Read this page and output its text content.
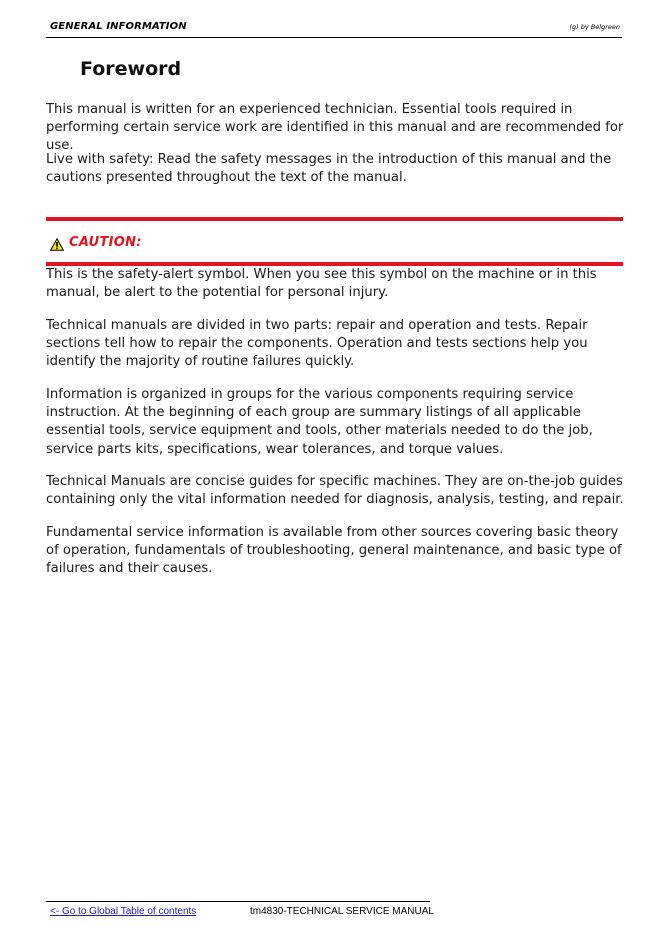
GENERAL INFORMATION	(g) by Belgreen
Foreword

This manual is written for an experienced technician. Essential tools required in performing certain service work are identified in this manual and are recommended for use.

Live with safety: Read the safety messages in the introduction of this manual and the cautions presented throughout the text of the manual.

CAUTION:

This is the safety-alert symbol. When you see this symbol on the machine or in this manual, be alert to the potential for personal injury.

Technical manuals are divided in two parts: repair and operation and tests. Repair sections tell how to repair the components. Operation and tests sections help you identify the majority of routine failures quickly.

Information is organized in groups for the various components requiring service instruction. At the beginning of each group are summary listings of all applicable essential tools, service equipment and tools, other materials needed to do the job, service parts kits, specifications, wear tolerances, and torque values.

Technical Manuals are concise guides for specific machines. They are on-the-job guides containing only the vital information needed for diagnosis, analysis, testing, and repair.

Fundamental service information is available from other sources covering basic theory of operation, fundamentals of troubleshooting, general maintenance, and basic type of failures and their causes.

<- Go to Global Table of contents	tm4830-TECHNICAL SERVICE MANUAL
